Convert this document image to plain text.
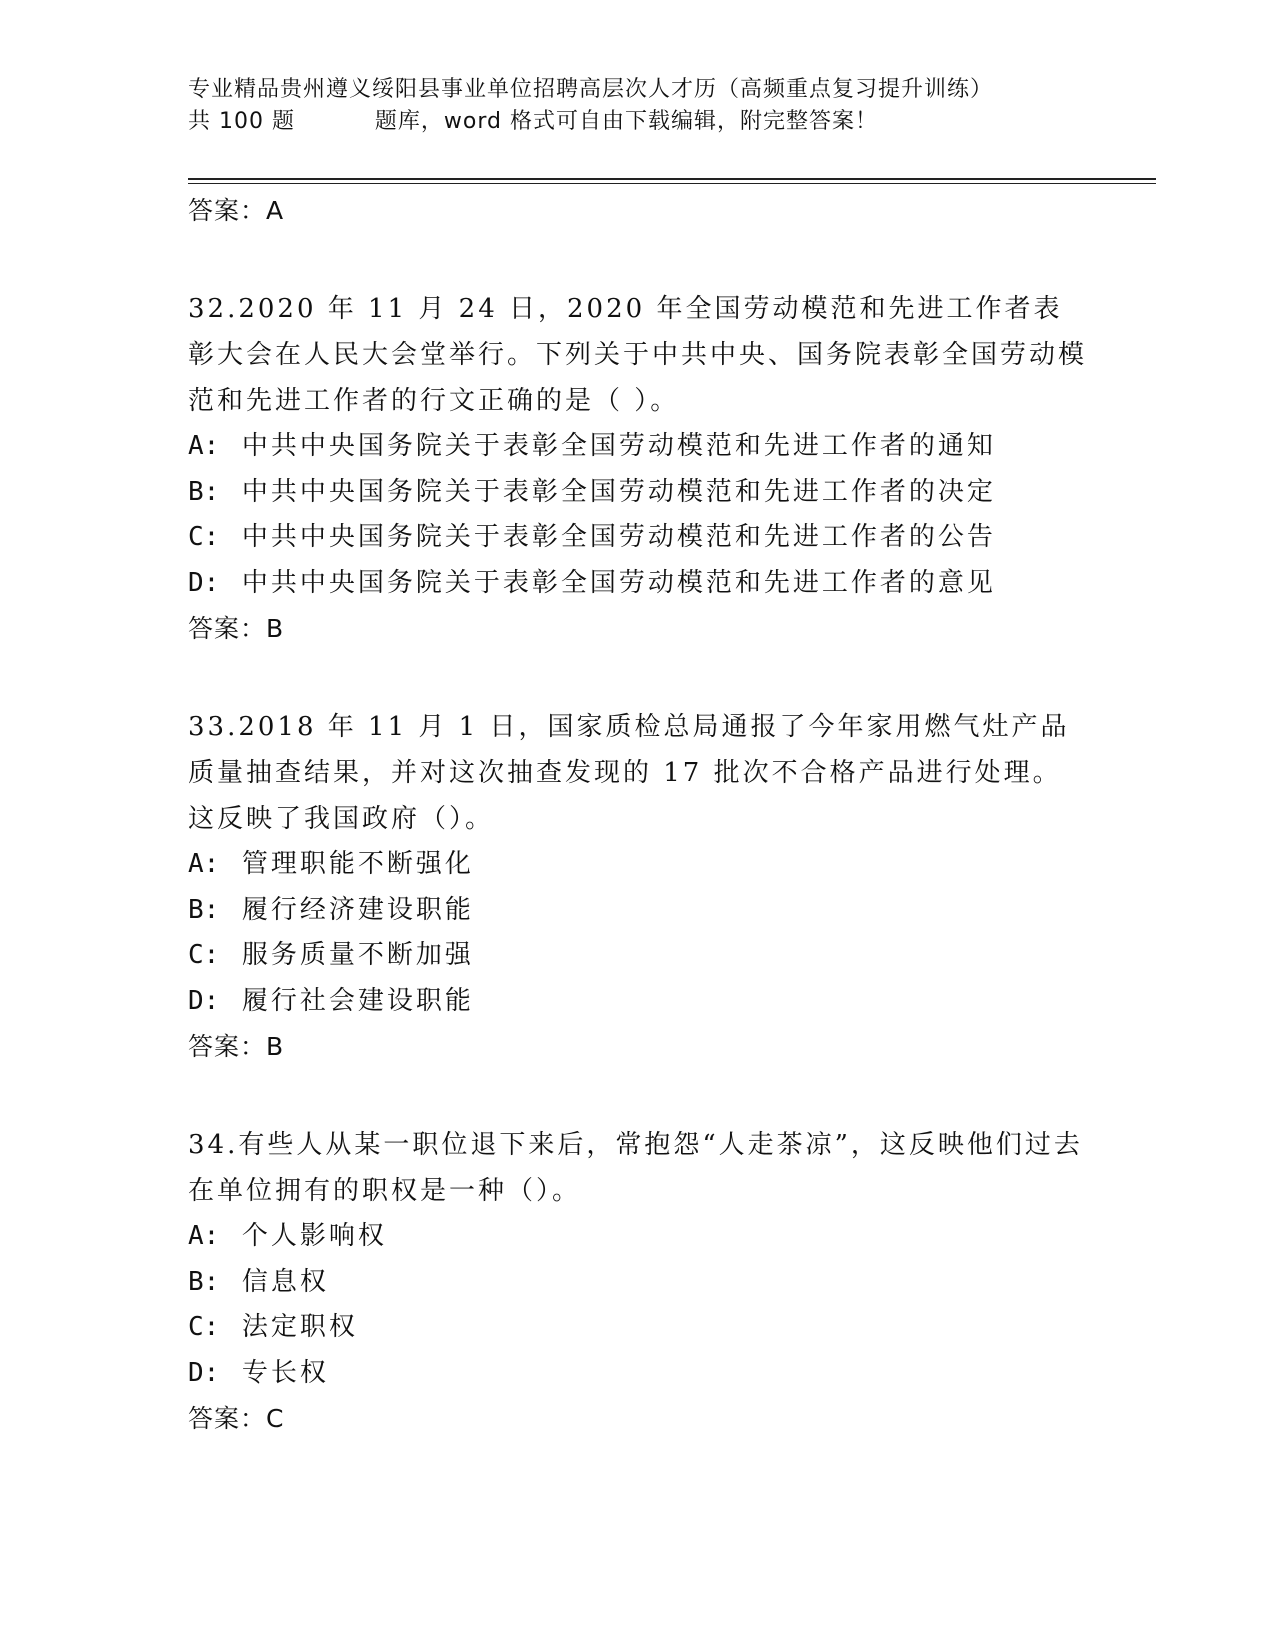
专业精品贵州遵义绥阳县事业单位招聘高层次人才历（高频重点复习提升训练）
共 100 题          题库，word 格式可自由下载编辑，附完整答案！
答案：A
32.2020 年 11 月 24 日，2020 年全国劳动模范和先进工作者表彰大会在人民大会堂举行。下列关于中共中央、国务院表彰全国劳动模范和先进工作者的行文正确的是（ ）。
A: 中共中央国务院关于表彰全国劳动模范和先进工作者的通知
B: 中共中央国务院关于表彰全国劳动模范和先进工作者的决定
C: 中共中央国务院关于表彰全国劳动模范和先进工作者的公告
D: 中共中央国务院关于表彰全国劳动模范和先进工作者的意见
答案：B
33.2018 年 11 月 1 日，国家质检总局通报了今年家用燃气灶产品质量抽查结果，并对这次抽查发现的 17 批次不合格产品进行处理。这反映了我国政府（）。
A: 管理职能不断强化
B: 履行经济建设职能
C: 服务质量不断加强
D: 履行社会建设职能
答案：B
34.有些人从某一职位退下来后，常抱怨“人走茶凉”，这反映他们过去在单位拥有的职权是一种（）。
A: 个人影响权
B: 信息权
C: 法定职权
D: 专长权
答案：C
